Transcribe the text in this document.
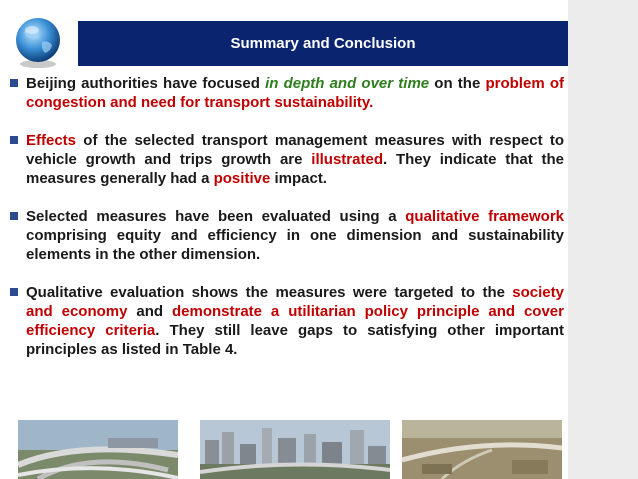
Summary and Conclusion
Beijing authorities have focused in depth and over time on the problem of congestion and need for transport sustainability.
Effects of the selected transport management measures with respect to vehicle growth and trips growth are illustrated. They indicate that the measures generally had a positive impact.
Selected measures have been evaluated using a qualitative framework comprising equity and efficiency in one dimension and sustainability elements in the other dimension.
Qualitative evaluation shows the measures were targeted to the society and economy and demonstrate a utilitarian policy principle and cover efficiency criteria. They still leave gaps to satisfying other important principles as listed in Table 4.
